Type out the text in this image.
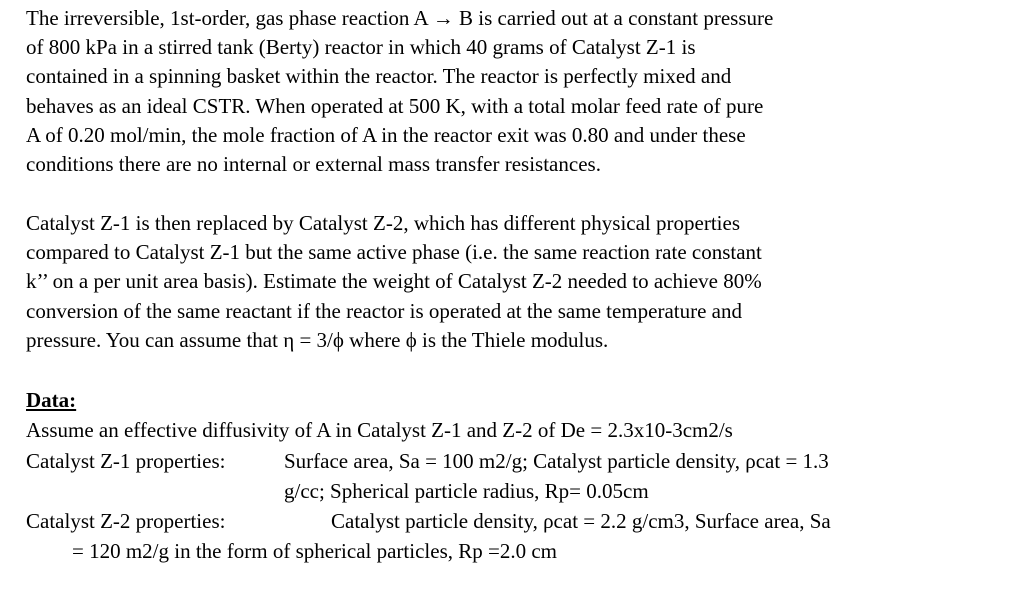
The irreversible, 1st-order, gas phase reaction A → B is carried out at a constant pressure
of 800 kPa in a stirred tank (Berty) reactor in which 40 grams of Catalyst Z-1 is
contained in a spinning basket within the reactor. The reactor is perfectly mixed and
behaves as an ideal CSTR. When operated at 500 K, with a total molar feed rate of pure
A of 0.20 mol/min, the mole fraction of A in the reactor exit was 0.80 and under these
conditions there are no internal or external mass transfer resistances.
Catalyst Z-1 is then replaced by Catalyst Z-2, which has different physical properties
compared to Catalyst Z-1 but the same active phase (i.e. the same reaction rate constant
k’’ on a per unit area basis). Estimate the weight of Catalyst Z-2 needed to achieve 80%
conversion of the same reactant if the reactor is operated at the same temperature and
pressure. You can assume that η = 3/ϕ where ϕ is the Thiele modulus.
Data:
Assume an effective diffusivity of A in Catalyst Z-1 and Z-2 of De = 2.3x10-3cm2/s
Catalyst Z-1 properties:	Surface area, Sa = 100 m2/g; Catalyst particle density, ρcat = 1.3
g/cc; Spherical particle radius, Rp= 0.05cm
Catalyst Z-2 properties:	Catalyst particle density, ρcat = 2.2 g/cm3, Surface area, Sa
= 120 m2/g in the form of spherical particles, Rp =2.0 cm
